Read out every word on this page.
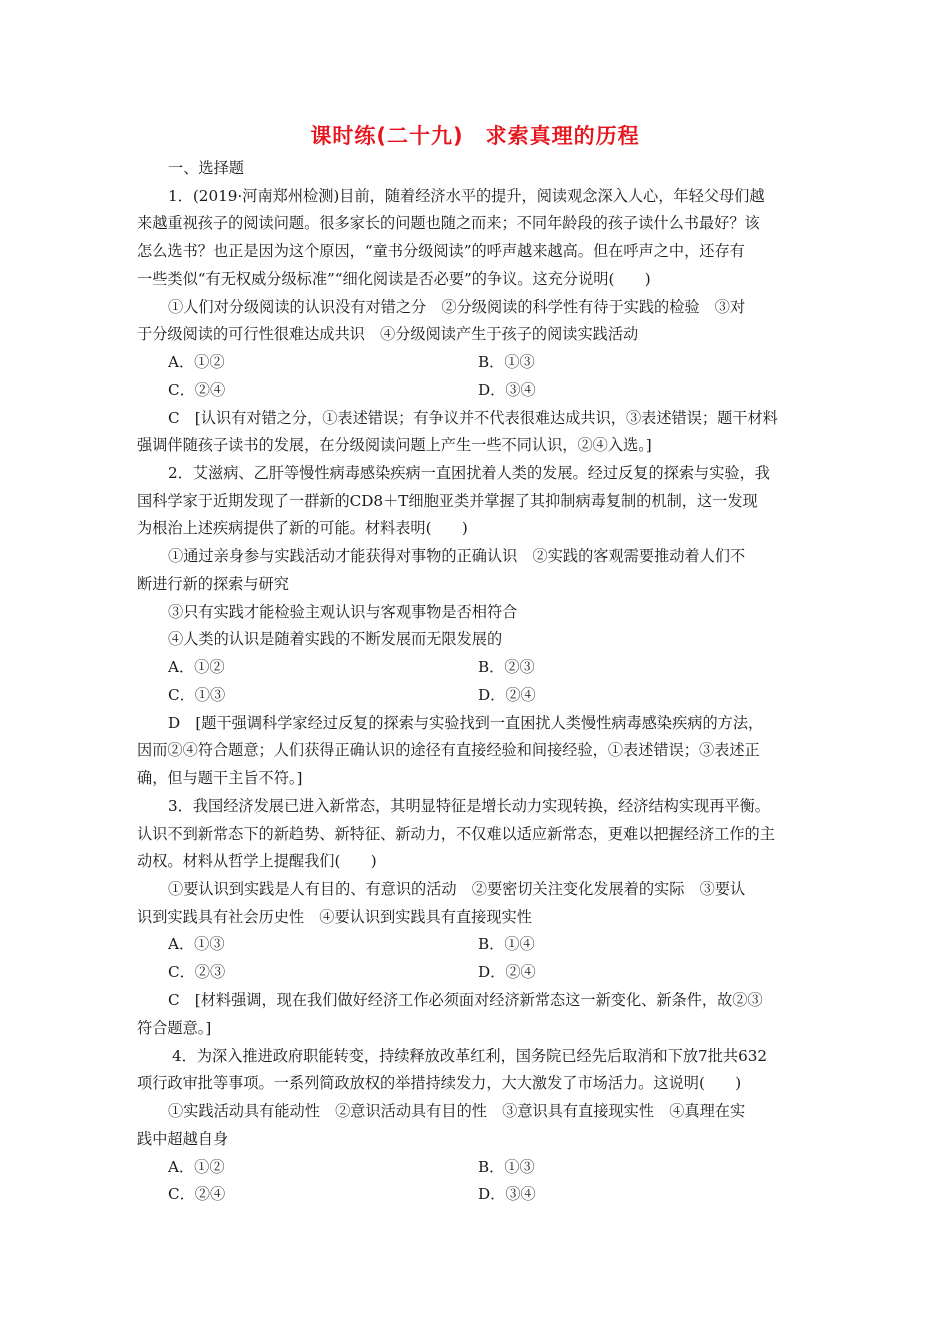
课时练(二十九)　求索真理的历程
一、选择题
1．(2019·河南郑州检测)目前，随着经济水平的提升，阅读观念深入人心，年轻父母们越
来越重视孩子的阅读问题。很多家长的问题也随之而来；不同年龄段的孩子读什么书最好？该
怎么选书？也正是因为这个原因，“童书分级阅读”的呼声越来越高。但在呼声之中，还存有
一些类似“有无权威分级标准”“细化阅读是否必要”的争议。这充分说明(　　)
①人们对分级阅读的认识没有对错之分　②分级阅读的科学性有待于实践的检验　③对
于分级阅读的可行性很难达成共识　④分级阅读产生于孩子的阅读实践活动
A．①②	B．①③
C．②④	D．③④
C　[认识有对错之分，①表述错误；有争议并不代表很难达成共识，③表述错误；题干材料
强调伴随孩子读书的发展，在分级阅读问题上产生一些不同认识，②④入选。]
2．艾滋病、乙肝等慢性病毒感染疾病一直困扰着人类的发展。经过反复的探索与实验，我
国科学家于近期发现了一群新的CD8＋T细胞亚类并掌握了其抑制病毒复制的机制，这一发现
为根治上述疾病提供了新的可能。材料表明(　　)
①通过亲身参与实践活动才能获得对事物的正确认识　②实践的客观需要推动着人们不
断进行新的探索与研究
③只有实践才能检验主观认识与客观事物是否相符合
④人类的认识是随着实践的不断发展而无限发展的
A．①②	B．②③
C．①③	D．②④
D　[题干强调科学家经过反复的探索与实验找到一直困扰人类慢性病毒感染疾病的方法，
因而②④符合题意；人们获得正确认识的途径有直接经验和间接经验，①表述错误；③表述正
确，但与题干主旨不符。]
3．我国经济发展已进入新常态，其明显特征是增长动力实现转换，经济结构实现再平衡。
认识不到新常态下的新趋势、新特征、新动力，不仅难以适应新常态，更难以把握经济工作的主
动权。材料从哲学上提醒我们(　　)
①要认识到实践是人有目的、有意识的活动　②要密切关注变化发展着的实际　③要认
识到实践具有社会历史性　④要认识到实践具有直接现实性
A．①③	B．①④
C．②③	D．②④
C　[材料强调，现在我们做好经济工作必须面对经济新常态这一新变化、新条件，故②③
符合题意。]
4．为深入推进政府职能转变，持续释放改革红利，国务院已经先后取消和下放7批共632
项行政审批等事项。一系列简政放权的举措持续发力，大大激发了市场活力。这说明(　　)
①实践活动具有能动性　②意识活动具有目的性　③意识具有直接现实性　④真理在实
践中超越自身
A．①②	B．①③
C．②④	D．③④
